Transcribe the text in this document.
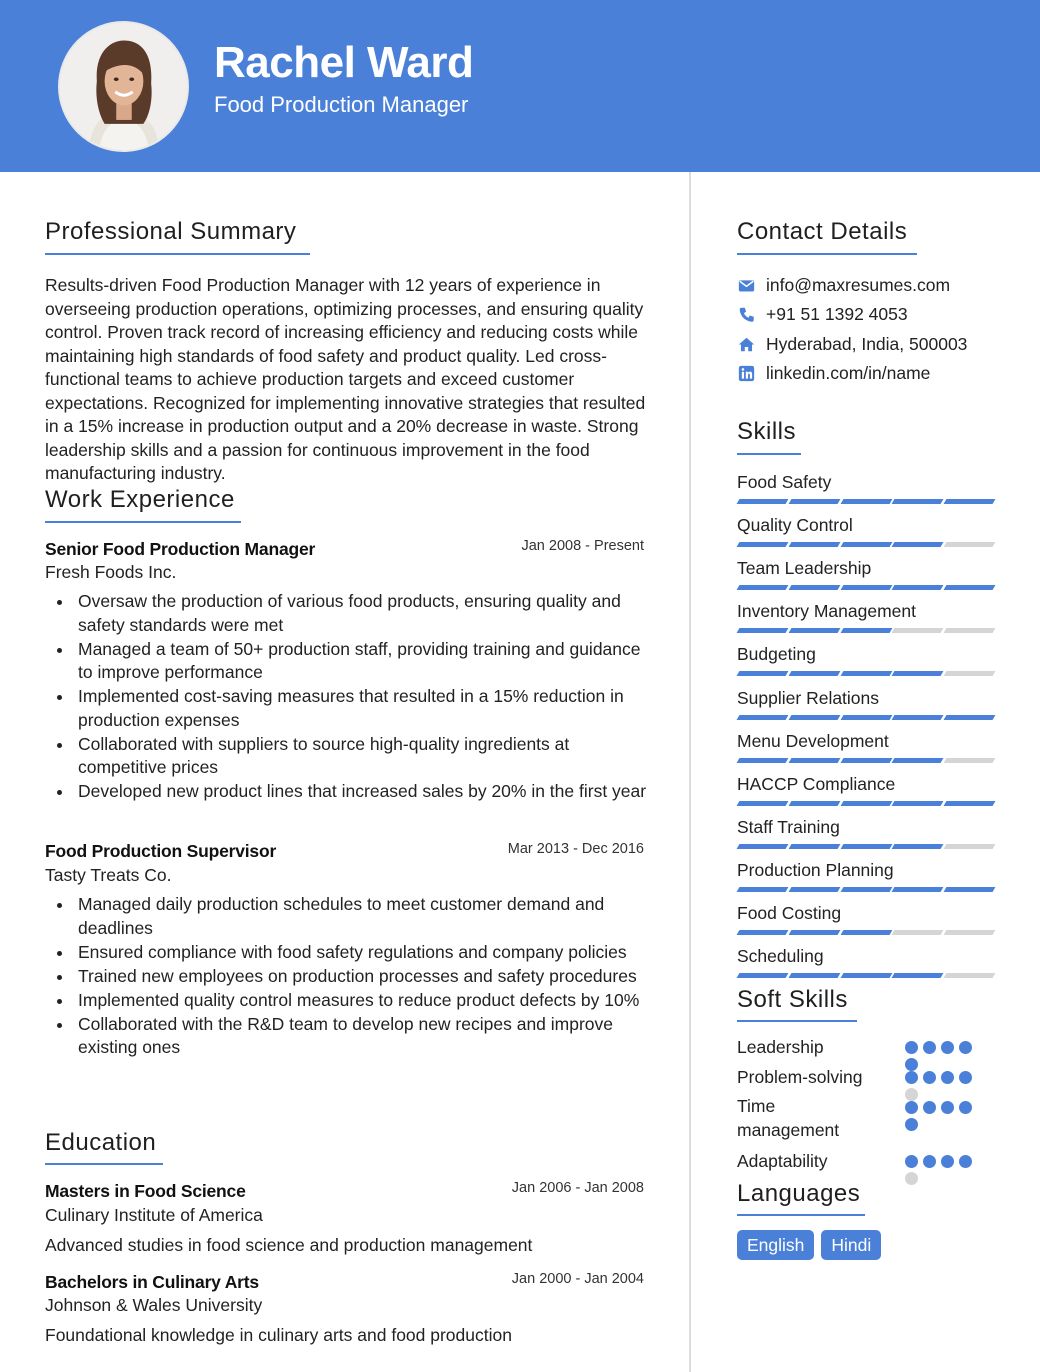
Rachel Ward
Food Production Manager
Professional Summary
Results-driven Food Production Manager with 12 years of experience in overseeing production operations, optimizing processes, and ensuring quality control. Proven track record of increasing efficiency and reducing costs while maintaining high standards of food safety and product quality. Led cross-functional teams to achieve production targets and exceed customer expectations. Recognized for implementing innovative strategies that resulted in a 15% increase in production output and a 20% decrease in waste. Strong leadership skills and a passion for continuous improvement in the food manufacturing industry.
Work Experience
Senior Food Production Manager	Jan 2008 - Present
Fresh Foods Inc.
Oversaw the production of various food products, ensuring quality and safety standards were met
Managed a team of 50+ production staff, providing training and guidance to improve performance
Implemented cost-saving measures that resulted in a 15% reduction in production expenses
Collaborated with suppliers to source high-quality ingredients at competitive prices
Developed new product lines that increased sales by 20% in the first year
Food Production Supervisor	Mar 2013 - Dec 2016
Tasty Treats Co.
Managed daily production schedules to meet customer demand and deadlines
Ensured compliance with food safety regulations and company policies
Trained new employees on production processes and safety procedures
Implemented quality control measures to reduce product defects by 10%
Collaborated with the R&D team to develop new recipes and improve existing ones
Education
Masters in Food Science	Jan 2006 - Jan 2008
Culinary Institute of America
Advanced studies in food science and production management
Bachelors in Culinary Arts	Jan 2000 - Jan 2004
Johnson & Wales University
Foundational knowledge in culinary arts and food production
Contact Details
info@maxresumes.com
+91 51 1392 4053
Hyderabad, India, 500003
linkedin.com/in/name
Skills
Food Safety
Quality Control
Team Leadership
Inventory Management
Budgeting
Supplier Relations
Menu Development
HACCP Compliance
Staff Training
Production Planning
Food Costing
Scheduling
Soft Skills
Leadership
Problem-solving
Time management
Adaptability
Languages
English	Hindi
